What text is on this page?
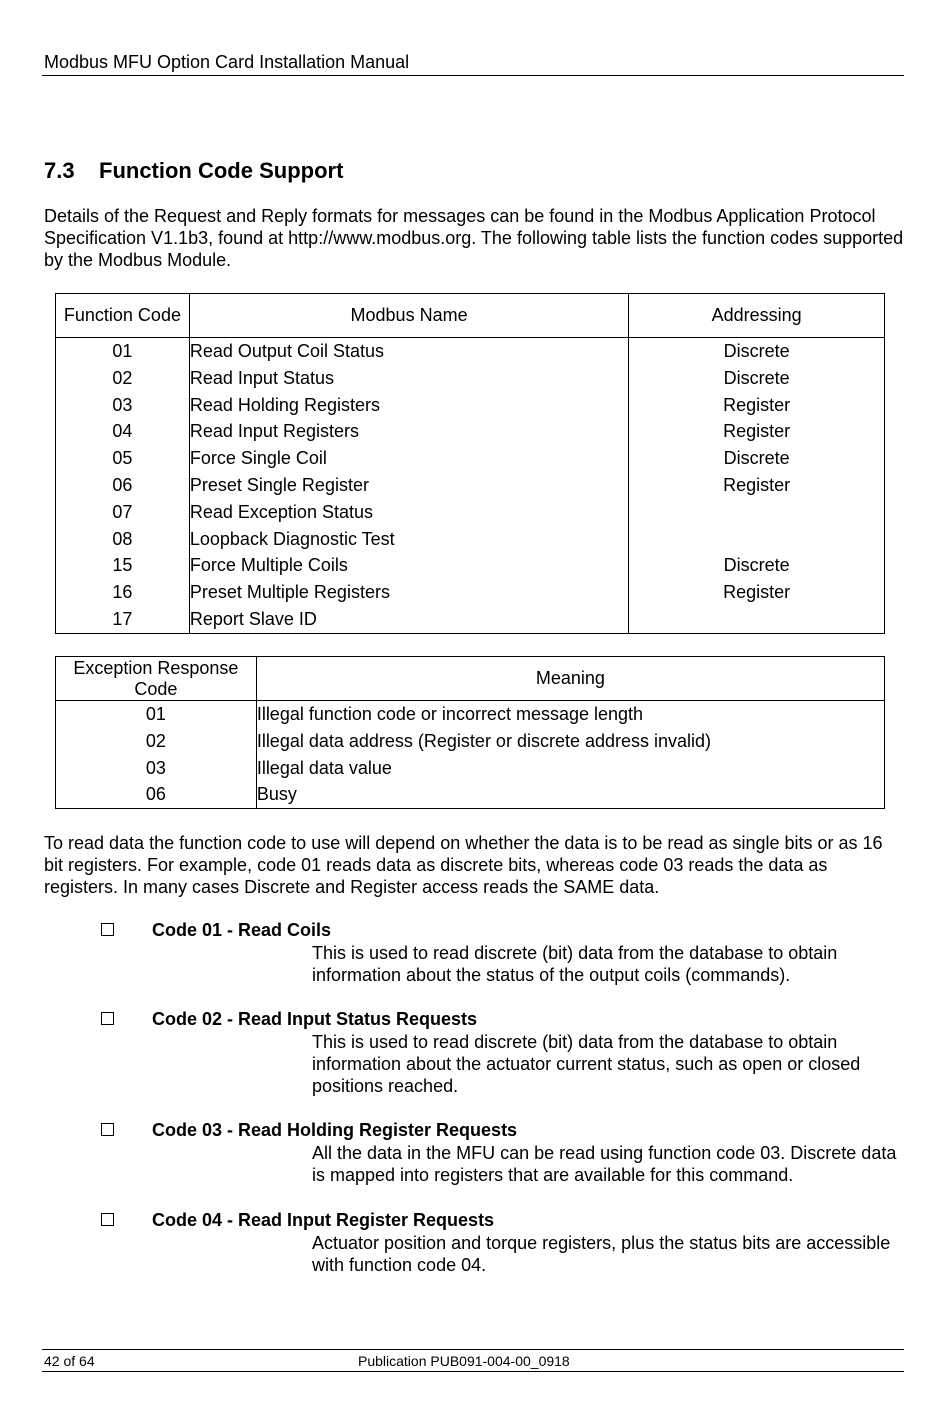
Modbus MFU Option Card Installation Manual
7.3 Function Code Support
Details of the Request and Reply formats for messages can be found in the Modbus Application Protocol Specification V1.1b3, found at http://www.modbus.org. The following table lists the function codes supported by the Modbus Module.
Function Code	Modbus Name	Addressing
01	Read Output Coil Status	Discrete
02	Read Input Status	Discrete
03	Read Holding Registers	Register
04	Read Input Registers	Register
05	Force Single Coil	Discrete
06	Preset Single Register	Register
07	Read Exception Status	
08	Loopback Diagnostic Test	
15	Force Multiple Coils	Discrete
16	Preset Multiple Registers	Register
17	Report Slave ID	
Exception Response Code	Meaning
01	Illegal function code or incorrect message length
02	Illegal data address (Register or discrete address invalid)
03	Illegal data value
06	Busy
To read data the function code to use will depend on whether the data is to be read as single bits or as 16 bit registers. For example, code 01 reads data as discrete bits, whereas code 03 reads the data as registers. In many cases Discrete and Register access reads the SAME data.
Code 01 - Read Coils
This is used to read discrete (bit) data from the database to obtain information about the status of the output coils (commands).
Code 02 - Read Input Status Requests
This is used to read discrete (bit) data from the database to obtain information about the actuator current status, such as open or closed positions reached.
Code 03 - Read Holding Register Requests
All the data in the MFU can be read using function code 03. Discrete data is mapped into registers that are available for this command.
Code 04 - Read Input Register Requests
Actuator position and torque registers, plus the status bits are accessible with function code 04.
42 of 64	Publication PUB091-004-00_0918
